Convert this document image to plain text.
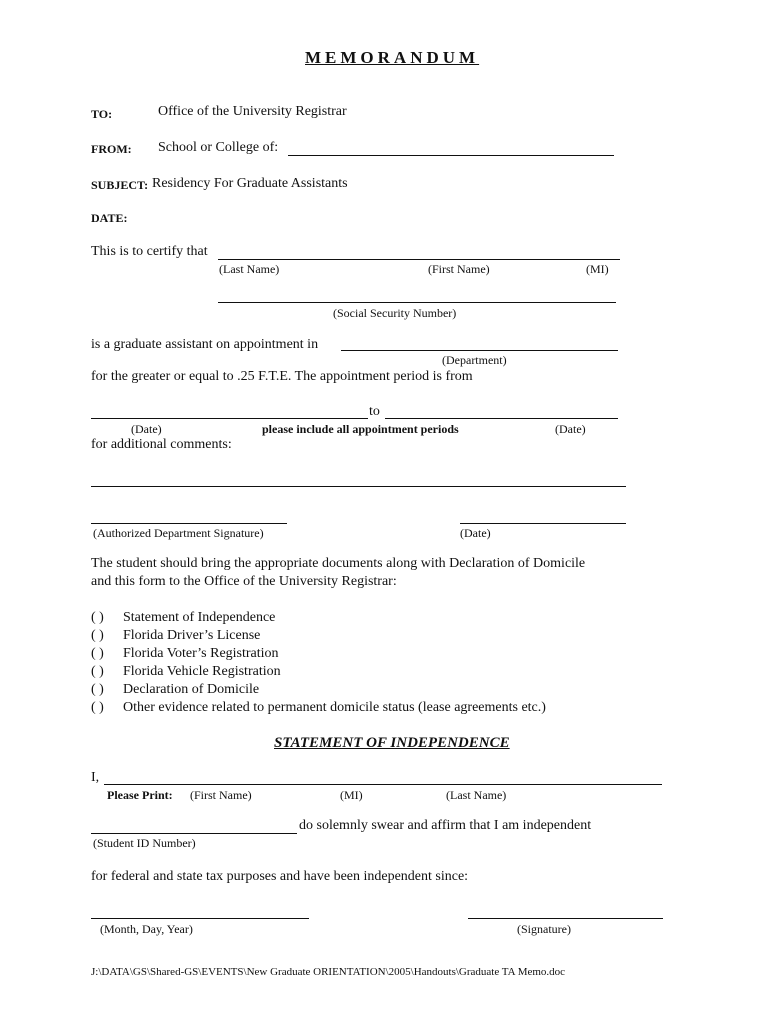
MEMORANDUM
TO:	Office of the University Registrar
FROM: School or College of:
SUBJECT: Residency For Graduate Assistants
DATE:
This is to certify that
(Last Name)	(First Name)	(MI)
(Social Security Number)
is a graduate assistant on appointment in
(Department)
for the greater or equal to .25 F.T.E. The appointment period is from
to
(Date)	please include all appointment periods	(Date)
for additional comments:
(Authorized Department Signature)	(Date)
The student should bring the appropriate documents along with Declaration of Domicile
and this form to the Office of the University Registrar:
( ) Statement of Independence
( ) Florida Driver’s License
( ) Florida Voter’s Registration
( ) Florida Vehicle Registration
( ) Declaration of Domicile
( ) Other evidence related to permanent domicile status (lease agreements etc.)
STATEMENT OF INDEPENDENCE
I,
Please Print: (First Name)	(MI)	(Last Name)
do solemnly swear and affirm that I am independent
(Student ID Number)
for federal and state tax purposes and have been independent since:
(Month, Day, Year)	(Signature)
J:\DATA\GS\Shared-GS\EVENTS\New Graduate ORIENTATION\2005\Handouts\Graduate TA Memo.doc
